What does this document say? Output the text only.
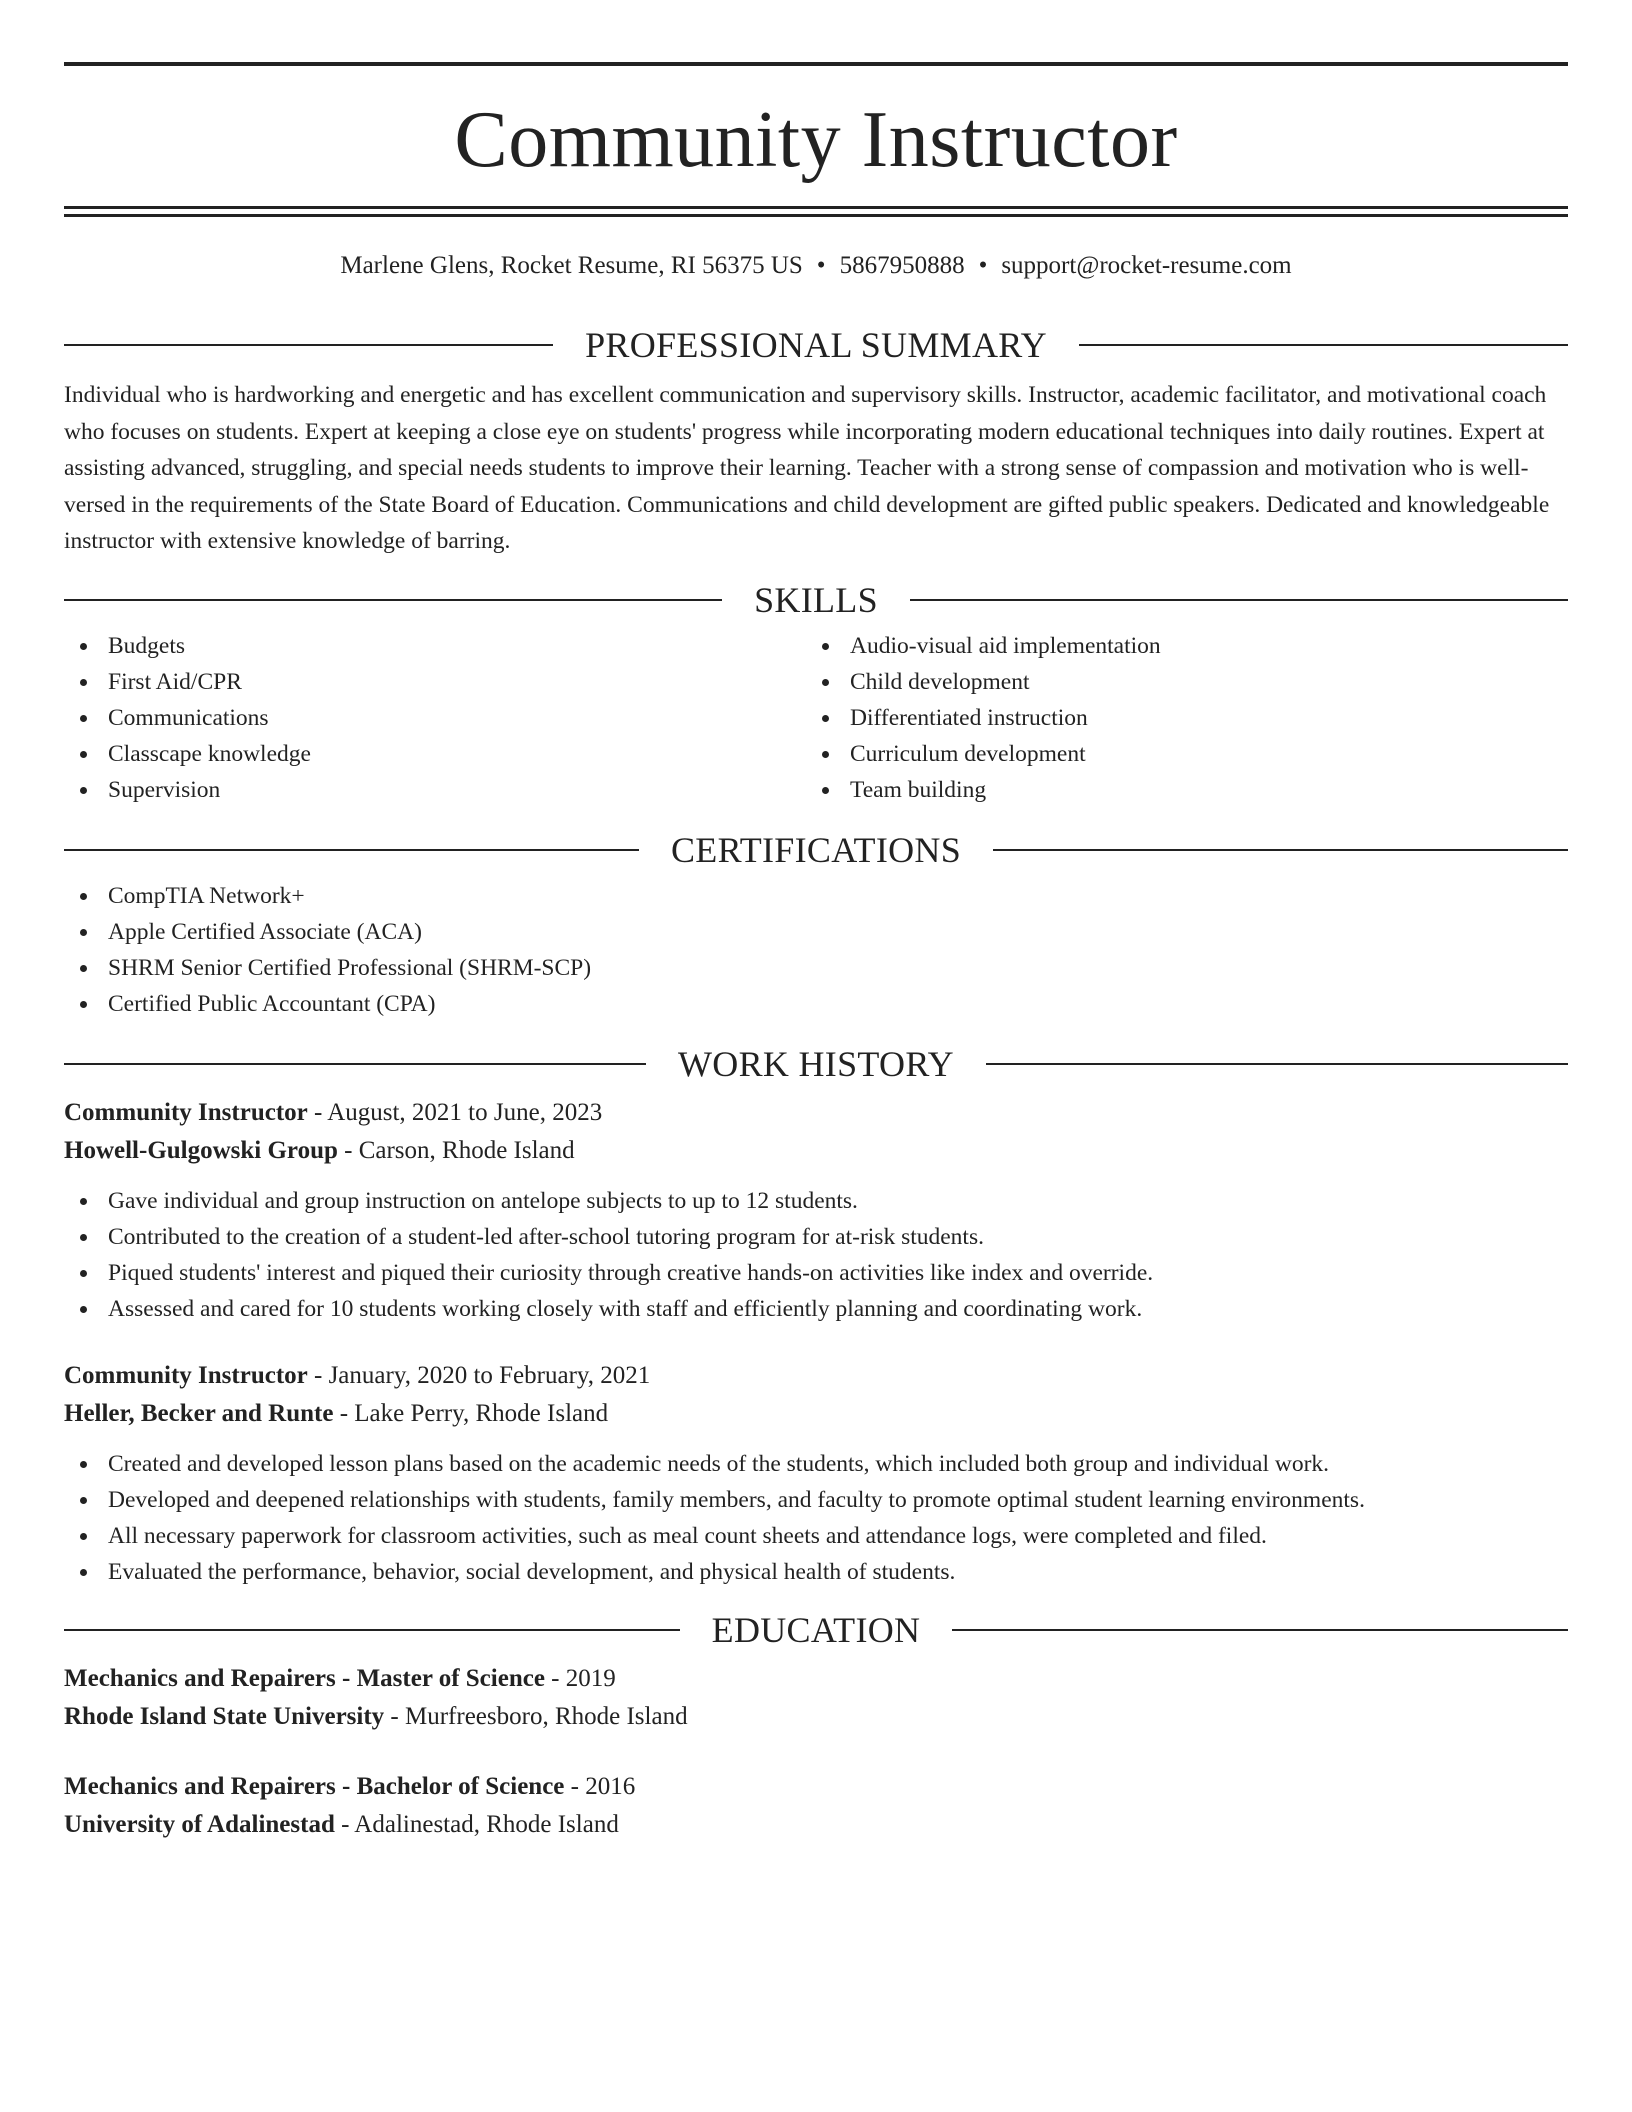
Community Instructor
Marlene Glens, Rocket Resume, RI 56375 US • 5867950888 • support@rocket-resume.com
PROFESSIONAL SUMMARY

Individual who is hardworking and energetic and has excellent communication and supervisory skills. Instructor, academic facilitator, and motivational coach who focuses on students. Expert at keeping a close eye on students' progress while incorporating modern educational techniques into daily routines. Expert at assisting advanced, struggling, and special needs students to improve their learning. Teacher with a strong sense of compassion and motivation who is well-versed in the requirements of the State Board of Education. Communications and child development are gifted public speakers. Dedicated and knowledgeable instructor with extensive knowledge of barring.

SKILLS
Budgets
First Aid/CPR
Communications
Classcape knowledge
Supervision
Audio-visual aid implementation
Child development
Differentiated instruction
Curriculum development
Team building
CERTIFICATIONS
CompTIA Network+
Apple Certified Associate (ACA)
SHRM Senior Certified Professional (SHRM-SCP)
Certified Public Accountant (CPA)
WORK HISTORY
Community Instructor - August, 2021 to June, 2023
Howell-Gulgowski Group - Carson, Rhode Island
Gave individual and group instruction on antelope subjects to up to 12 students.
Contributed to the creation of a student-led after-school tutoring program for at-risk students.
Piqued students' interest and piqued their curiosity through creative hands-on activities like index and override.
Assessed and cared for 10 students working closely with staff and efficiently planning and coordinating work.
Community Instructor - January, 2020 to February, 2021
Heller, Becker and Runte - Lake Perry, Rhode Island
Created and developed lesson plans based on the academic needs of the students, which included both group and individual work.
Developed and deepened relationships with students, family members, and faculty to promote optimal student learning environments.
All necessary paperwork for classroom activities, such as meal count sheets and attendance logs, were completed and filed.
Evaluated the performance, behavior, social development, and physical health of students.
EDUCATION
Mechanics and Repairers - Master of Science - 2019
Rhode Island State University - Murfreesboro, Rhode Island
Mechanics and Repairers - Bachelor of Science - 2016
University of Adalinestad - Adalinestad, Rhode Island
